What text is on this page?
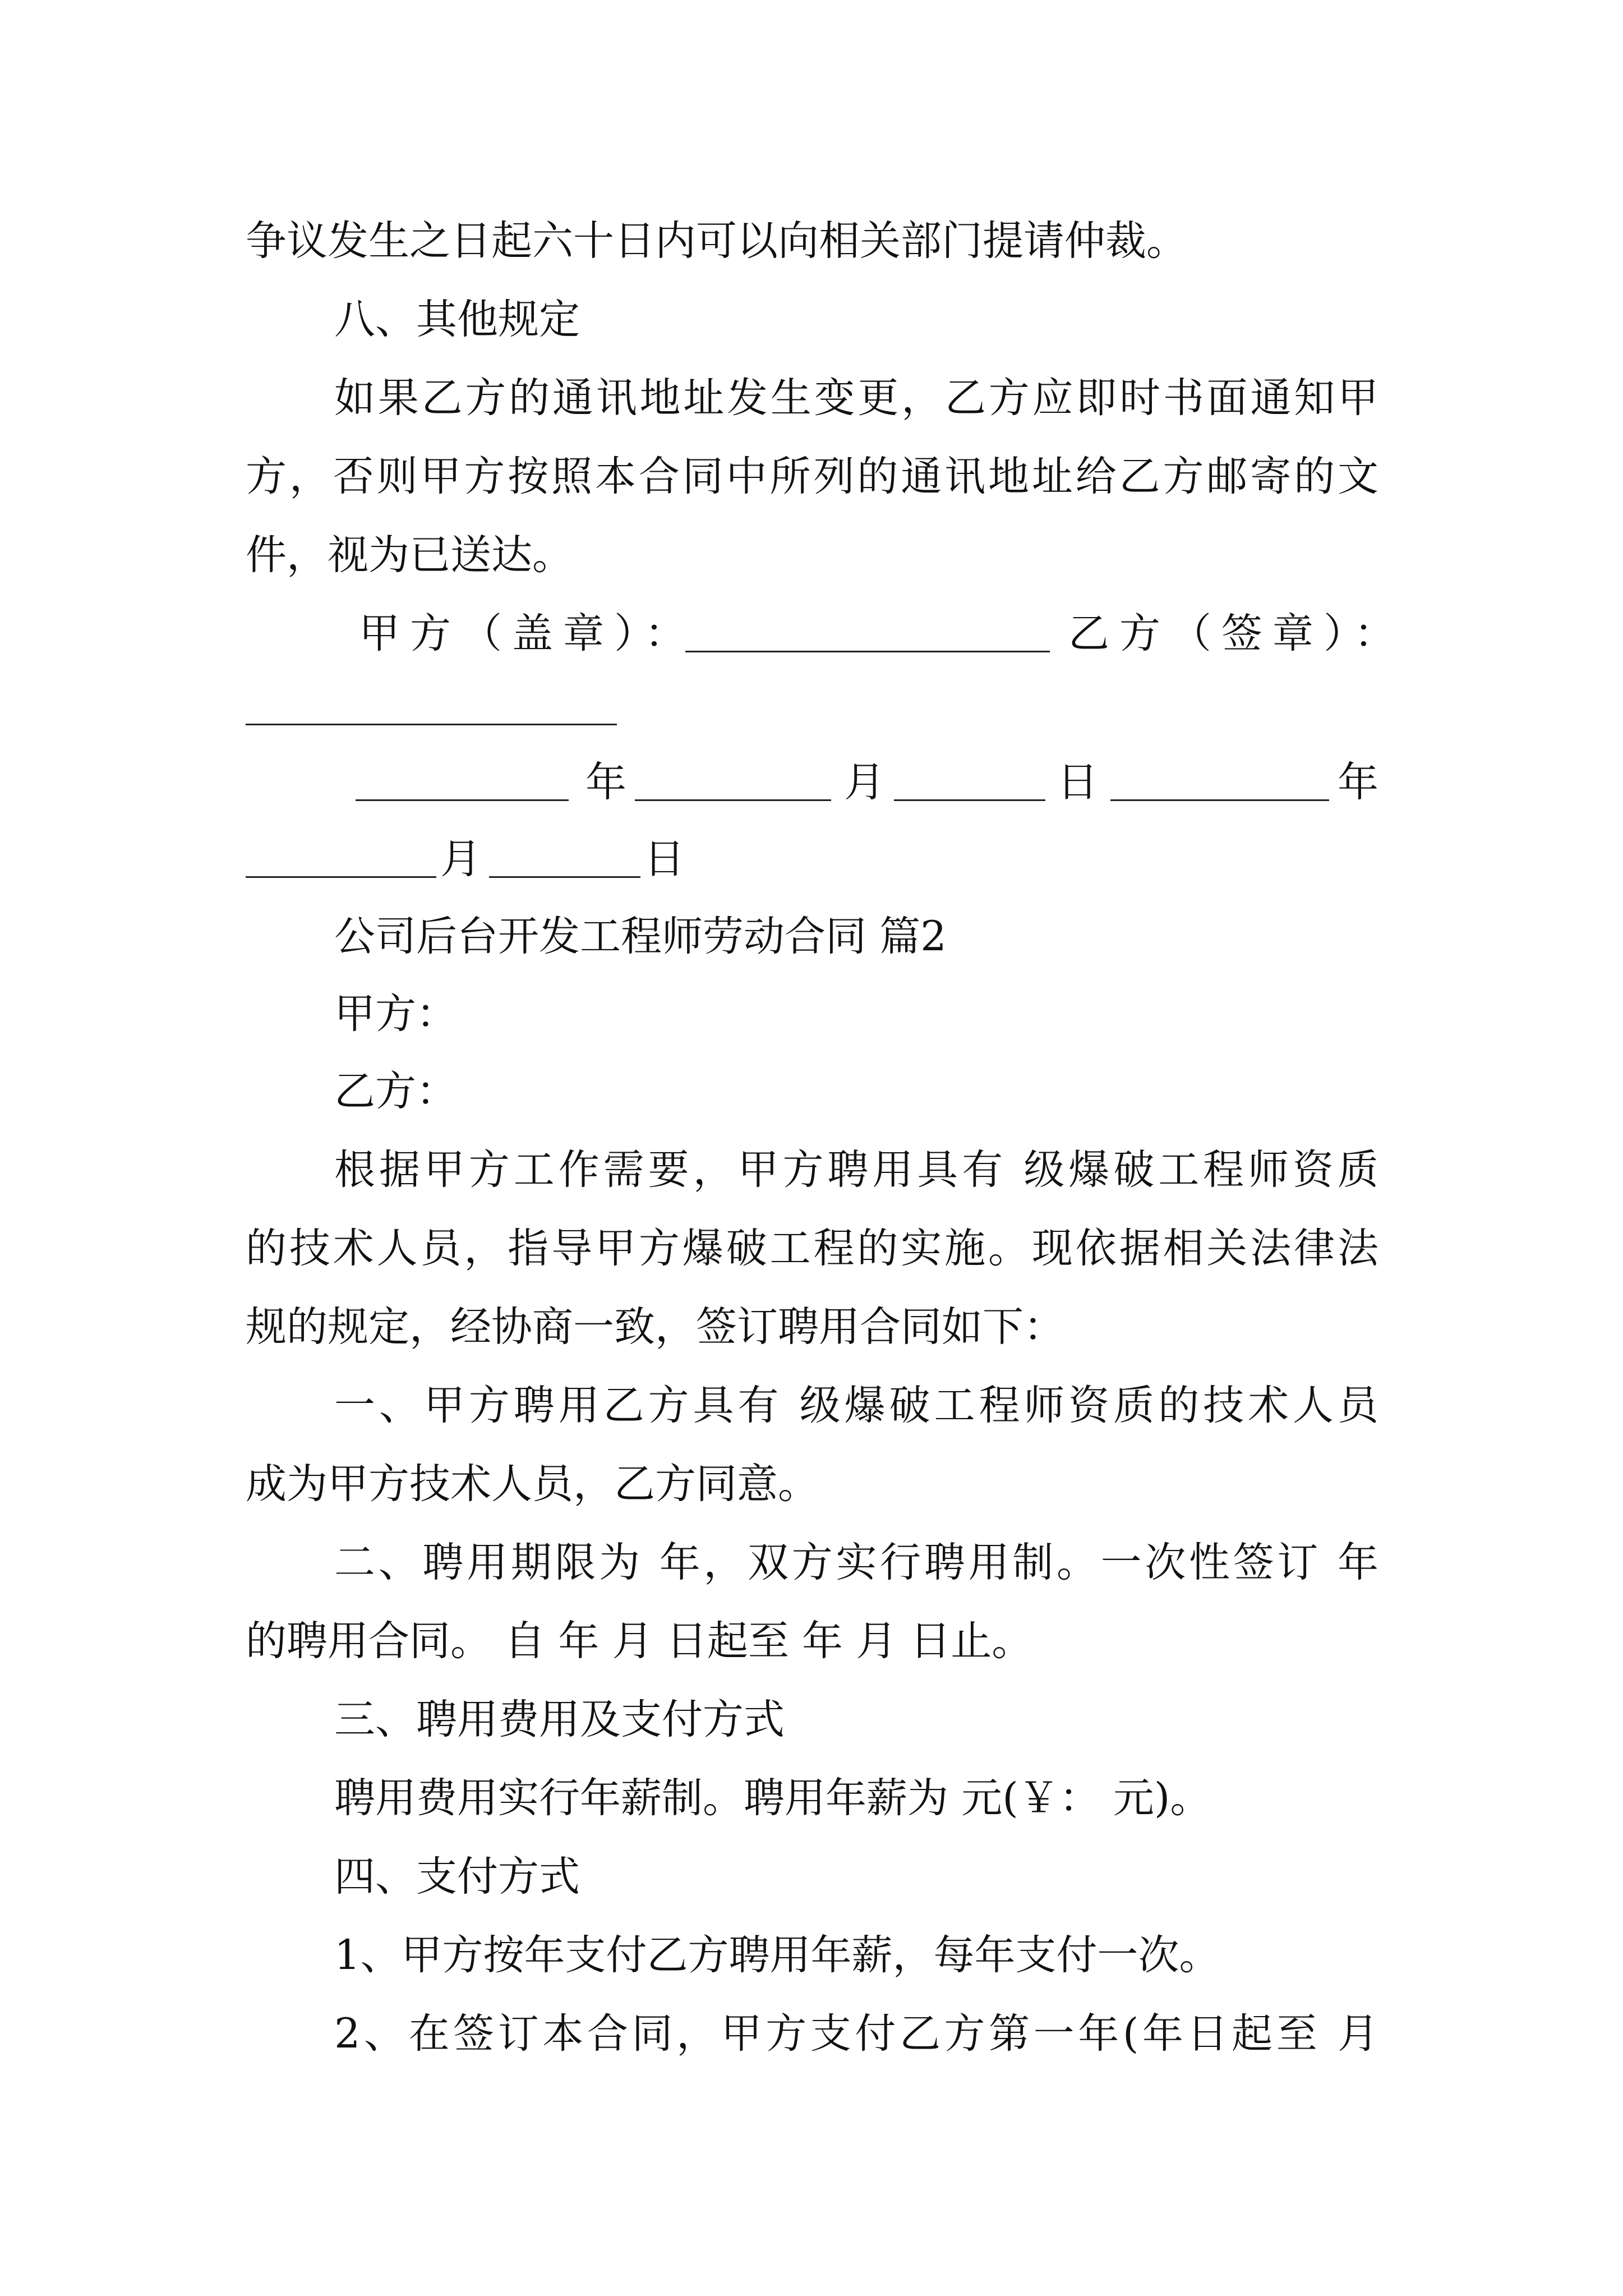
争议发生之日起六十日内可以向相关部门提请仲裁。
八、其他规定
如果乙方的通讯地址发生变更，乙方应即时书面通知甲
方，否则甲方按照本合同中所列的通讯地址给乙方邮寄的文
件，视为已送达。
甲方（盖章）：	乙方（签章）：
年	月	日	年
月	日
公司后台开发工程师劳动合同 篇2
甲方：
乙方：
根据甲方工作需要，甲方聘用具有 级爆破工程师资质
的技术人员，指导甲方爆破工程的实施。现依据相关法律法
规的规定，经协商一致，签订聘用合同如下：
一、甲方聘用乙方具有 级爆破工程师资质的技术人员
成为甲方技术人员，乙方同意。
二、聘用期限为 年，双方实行聘用制。一次性签订 年
的聘用合同。 自 年 月 日起至 年 月 日止。
三、聘用费用及支付方式
聘用费用实行年薪制。聘用年薪为 元(￥： 元)。
四、支付方式
1、甲方按年支付乙方聘用年薪，每年支付一次。
2、在签订本合同，甲方支付乙方第一年(年日起至 月
